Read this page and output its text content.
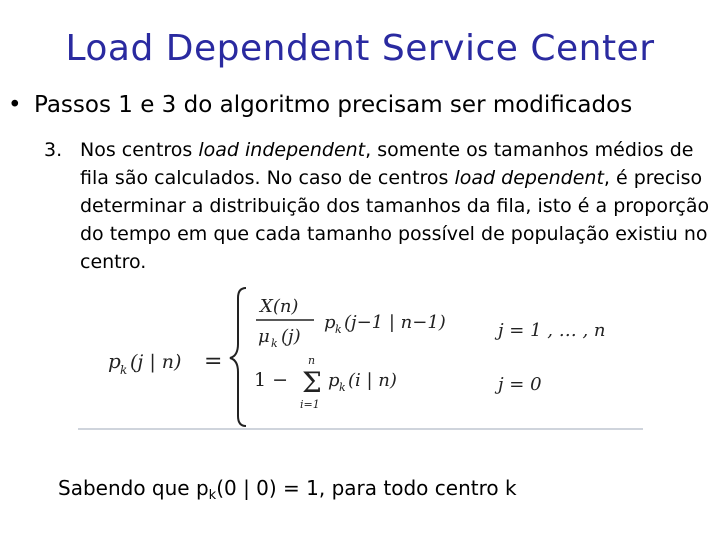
Load Dependent Service Center
• Passos 1 e 3 do algoritmo precisam ser modificados
3. Nos centros load independent, somente os tamanhos médios de fila são calculados. No caso de centros load dependent, é preciso determinar a distribuição dos tamanhos da fila, isto é a proporção do tempo em que cada tamanho possível de população existiu no centro.
p k (j | n) =
X(n)
μ k (j)
p k (j−1 | n−1)	j = 1 , … , n
1 − Σ
n
i=1
p k (i | n)	j = 0
Sabendo que $p_k(0$ | 0) = 1, para todo centro k
